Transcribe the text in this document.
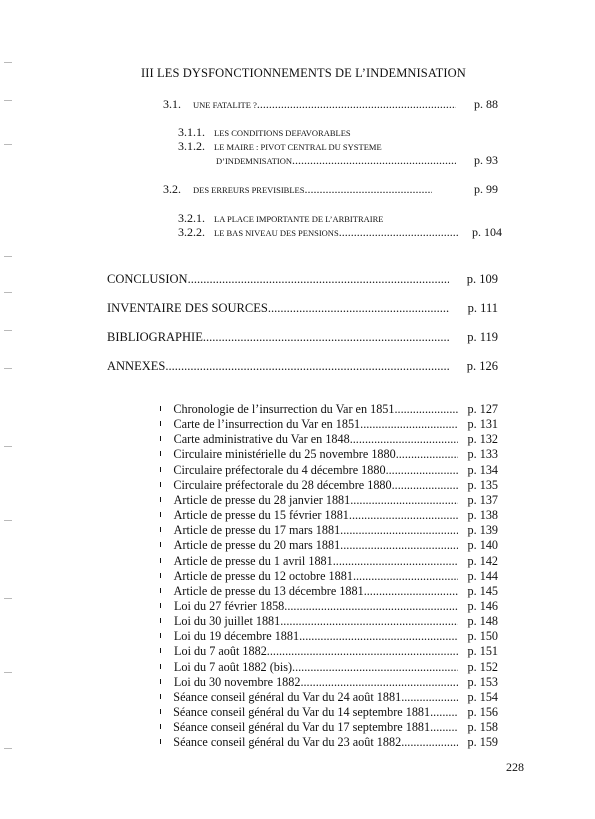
III LES DYSFONCTIONNEMENTS DE L’INDEMNISATION
3.1. UNE FATALITE ? .....	p. 88
3.1.1. LES CONDITIONS DEFAVORABLES
3.1.2. LE MAIRE : PIVOT CENTRAL DU SYSTEME
D’INDEMNISATION .....	p. 93
3.2. DES ERREURS PREVISIBLES .....	p. 99
3.2.1. LA PLACE IMPORTANTE DE L’ARBITRAIRE
3.2.2. LE BAS NIVEAU DES PENSIONS .....	p. 104
CONCLUSION .....	p. 109
INVENTAIRE DES SOURCES .....	p. 111
BIBLIOGRAPHIE .....	p. 119
ANNEXES .....	p. 126
Chronologie de l’insurrection du Var en 1851 .....	p. 127
Carte de l’insurrection du Var en 1851 .....	p. 131
Carte administrative du Var en 1848 .....	p. 132
Circulaire ministérielle du 25 novembre 1880 .....	p. 133
Circulaire préfectorale du 4 décembre 1880 .....	p. 134
Circulaire préfectorale du 28 décembre 1880 .....	p. 135
Article de presse du 28 janvier 1881 .....	p. 137
Article de presse du 15 février 1881 .....	p. 138
Article de presse du 17 mars 1881 .....	p. 139
Article de presse du 20 mars 1881 .....	p. 140
Article de presse du 1 avril 1881 .....	p. 142
Article de presse du 12 octobre 1881 .....	p. 144
Article de presse du 13 décembre 1881 .....	p. 145
Loi du 27 février 1858 .....	p. 146
Loi du 30 juillet 1881 .....	p. 148
Loi du 19 décembre 1881 .....	p. 150
Loi du 7 août 1882 .....	p. 151
Loi du 7 août 1882 (bis) .....	p. 152
Loi du 30 novembre 1882 .....	p. 153
Séance conseil général du Var du 24 août 1881 .....	p. 154
Séance conseil général du Var du 14 septembre 1881 .....	p. 156
Séance conseil général du Var du 17 septembre 1881 .....	p. 158
Séance conseil général du Var du 23 août 1882 .....	p. 159
228
